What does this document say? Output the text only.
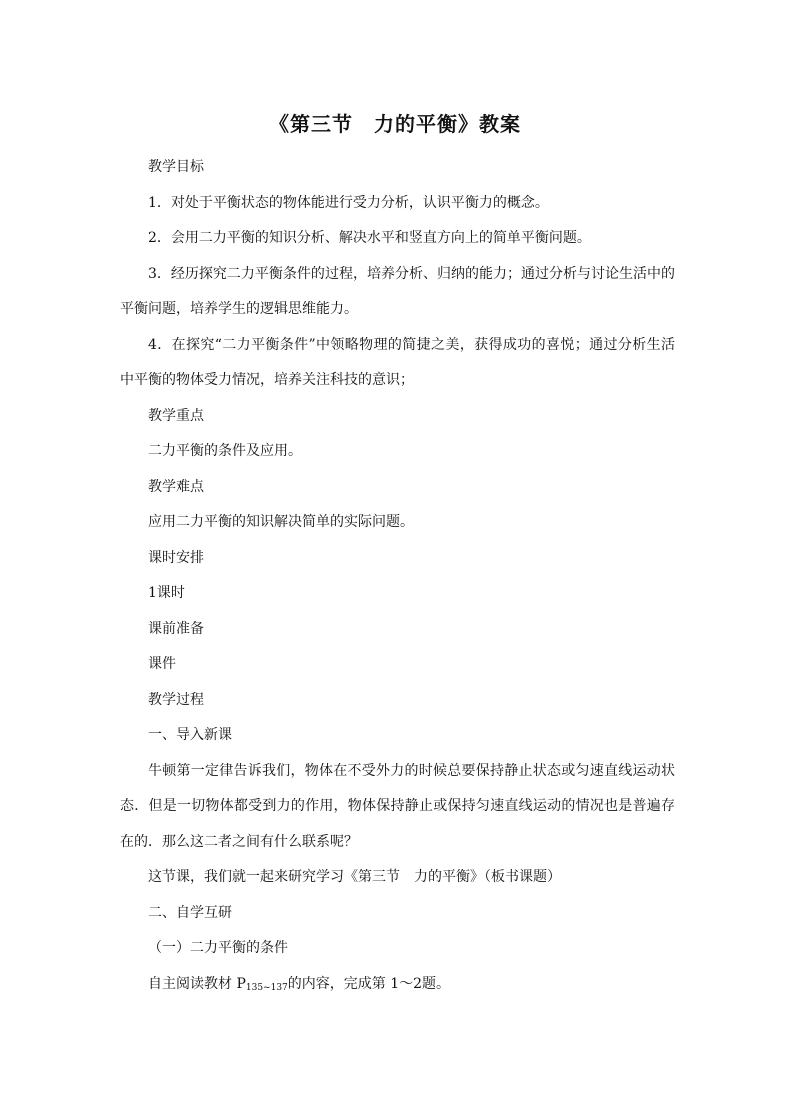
《第三节　力的平衡》教案

教学目标

1．对处于平衡状态的物体能进行受力分析，认识平衡力的概念。

2．会用二力平衡的知识分析、解决水平和竖直方向上的简单平衡问题。

3．经历探究二力平衡条件的过程，培养分析、归纳的能力；通过分析与讨论生活中的平衡问题，培养学生的逻辑思维能力。

4．在探究“二力平衡条件”中领略物理的简捷之美，获得成功的喜悦；通过分析生活中平衡的物体受力情况，培养关注科技的意识；

教学重点

二力平衡的条件及应用。

教学难点

应用二力平衡的知识解决简单的实际问题。

课时安排

1课时

课前准备

课件

教学过程

一、导入新课

牛顿第一定律告诉我们，物体在不受外力的时候总要保持静止状态或匀速直线运动状态．但是一切物体都受到力的作用，物体保持静止或保持匀速直线运动的情况也是普遍存在的．那么这二者之间有什么联系呢？

这节课，我们就一起来研究学习《第三节　力的平衡》（板书课题）

二、自学互研

（一）二力平衡的条件

自主阅读教材 $P_{135\sim 137}$的内容，完成第 1～2题。
